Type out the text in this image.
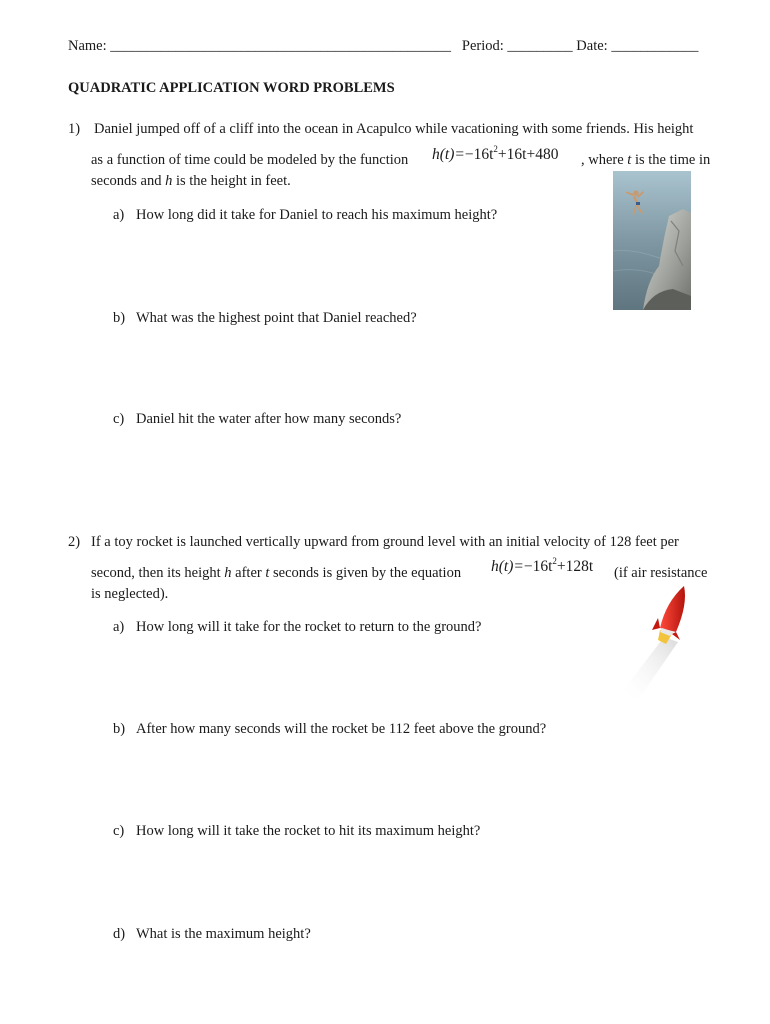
Name: _______________________________________________ Period: _________ Date: ____________
QUADRATIC APPLICATION WORD PROBLEMS
1) Daniel jumped off of a cliff into the ocean in Acapulco while vacationing with some friends. His height
as a function of time could be modeled by the function $h(t)=-16t^2+16t+480$ , where t is the time in
seconds and h is the height in feet.
a) How long did it take for Daniel to reach his maximum height?
b) What was the highest point that Daniel reached?
c) Daniel hit the water after how many seconds?
2) If a toy rocket is launched vertically upward from ground level with an initial velocity of 128 feet per
second, then its height h after t seconds is given by the equation $h(t)=-16t^2+128t$ (if air resistance
is neglected).
a) How long will it take for the rocket to return to the ground?
b) After how many seconds will the rocket be 112 feet above the ground?
c) How long will it take the rocket to hit its maximum height?
d) What is the maximum height?
